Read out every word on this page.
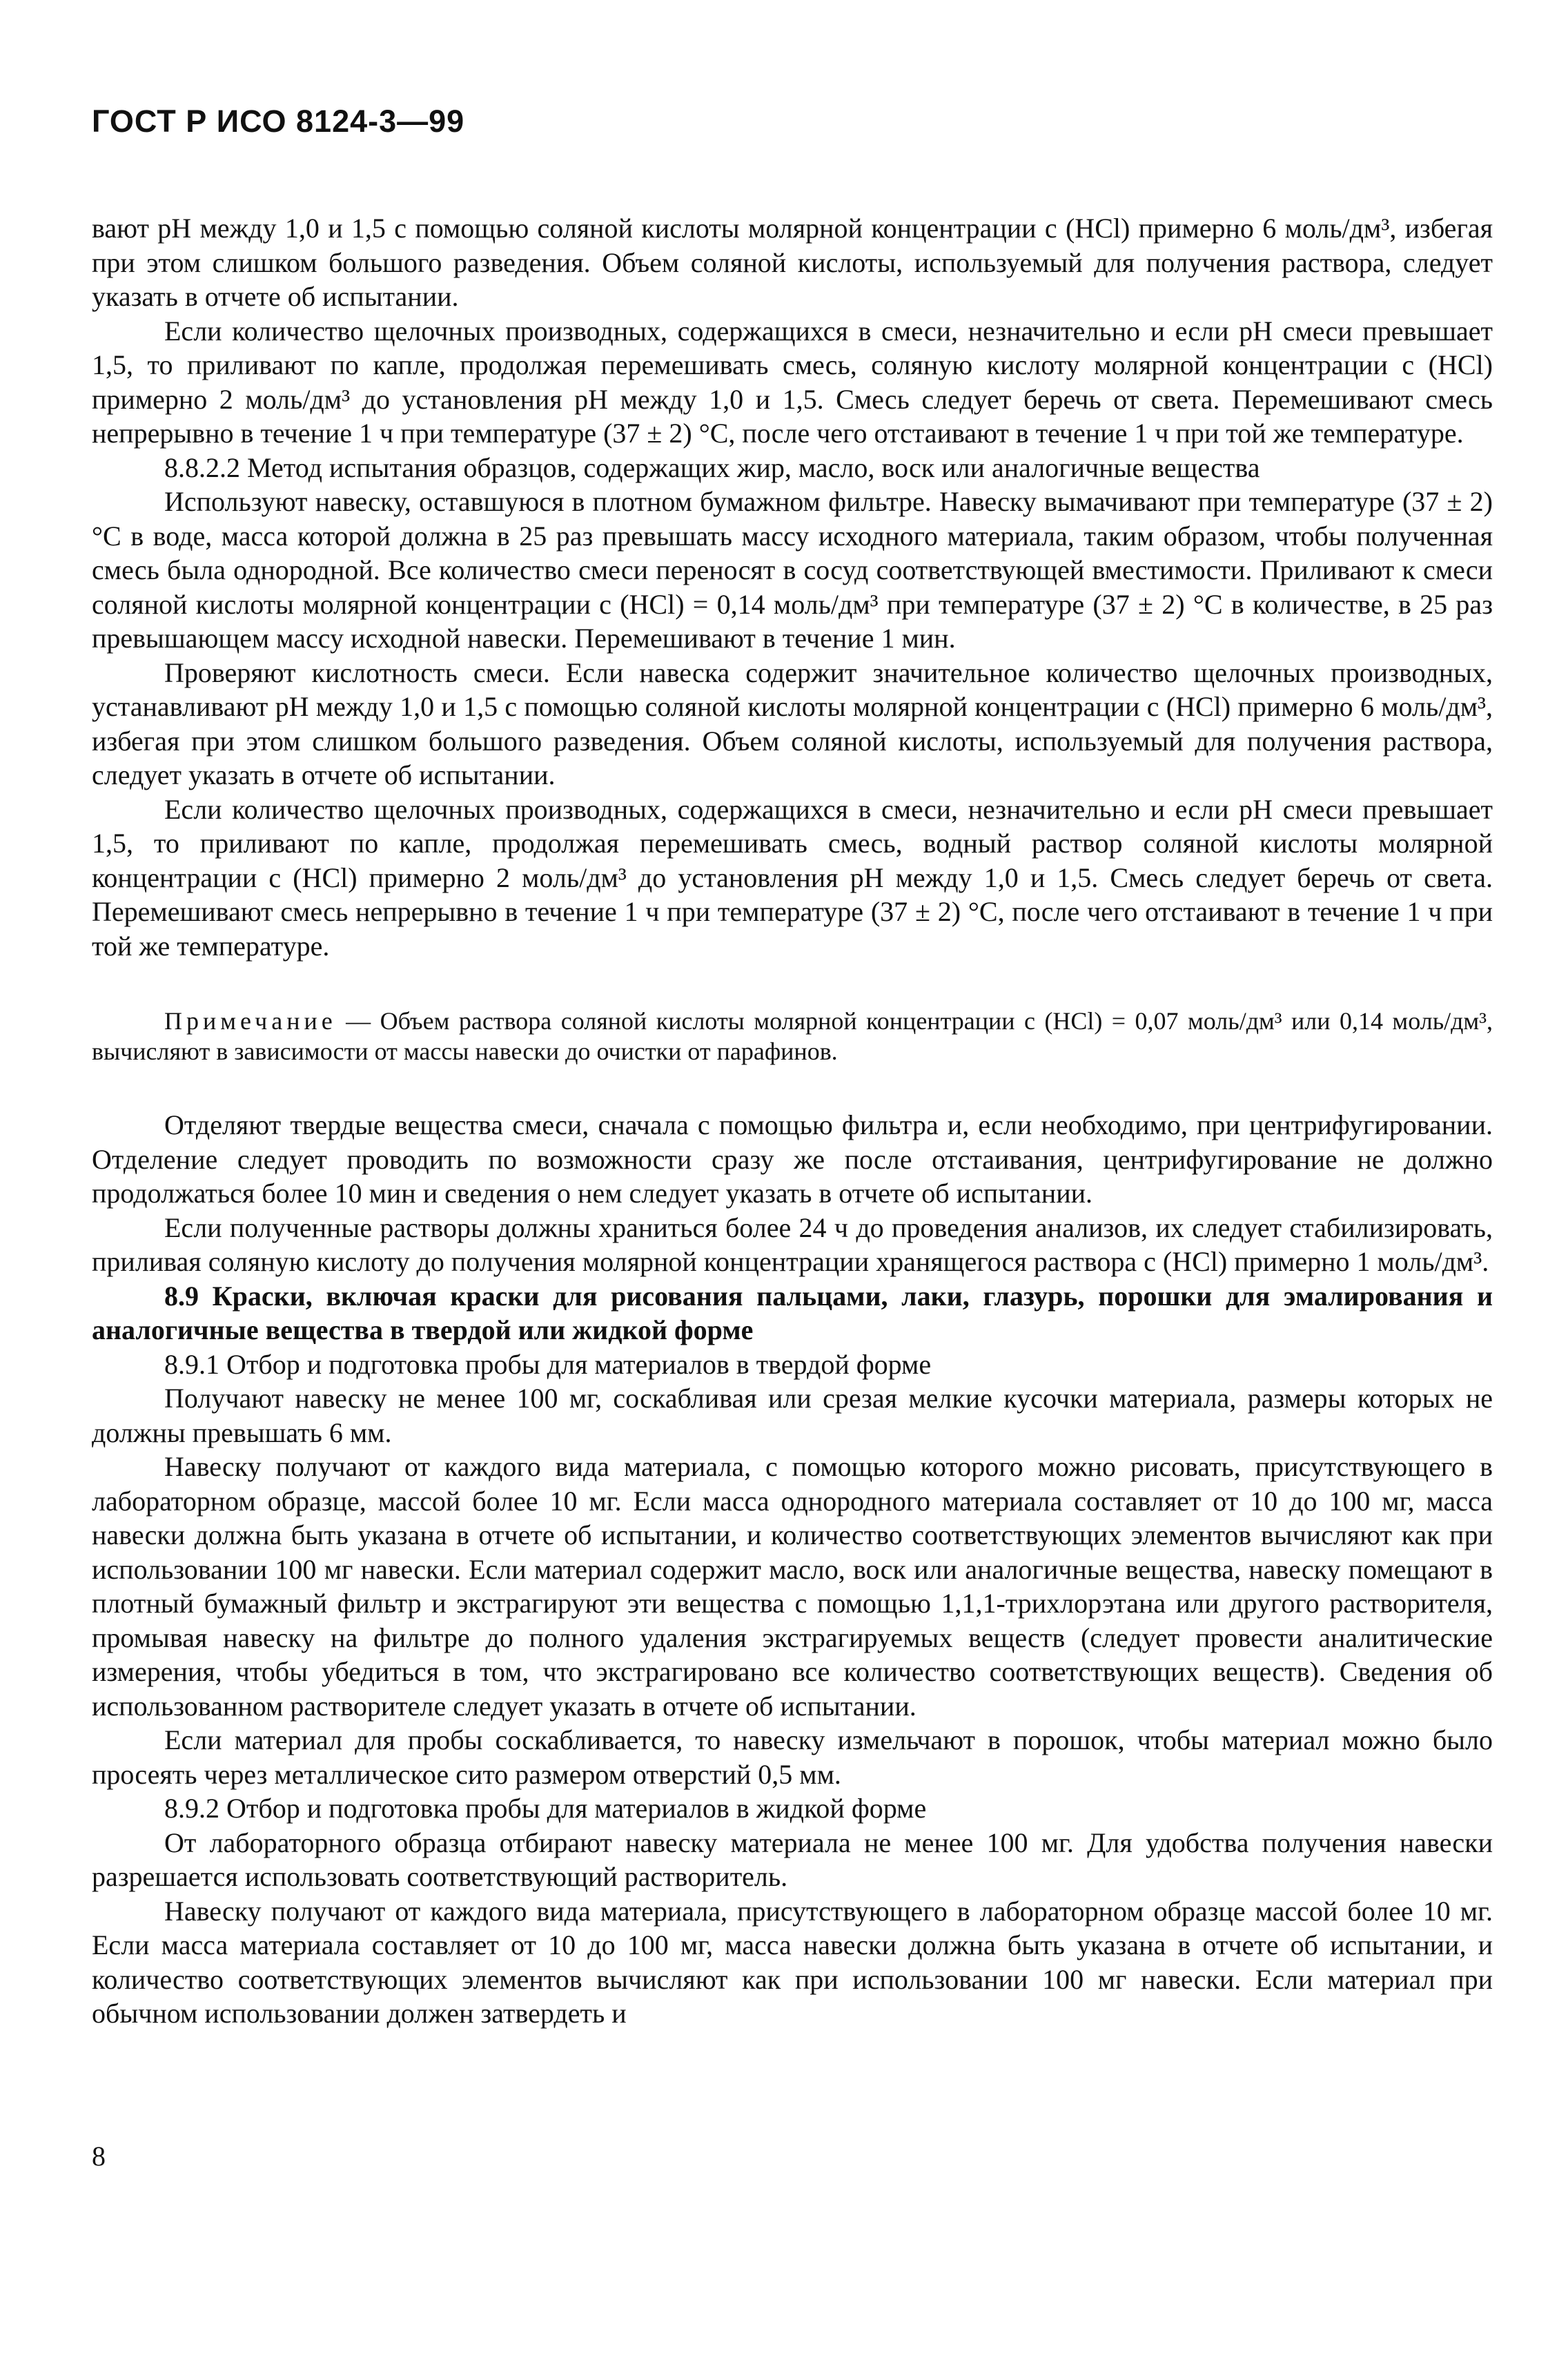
ГОСТ Р ИСО 8124-3—99

вают pH между 1,0 и 1,5 с помощью соляной кислоты молярной концентрации c (HCl) примерно 6 моль/дм³, избегая при этом слишком большого разведения. Объем соляной кислоты, используемый для получения раствора, следует указать в отчете об испытании.

Если количество щелочных производных, содержащихся в смеси, незначительно и если pH смеси превышает 1,5, то приливают по капле, продолжая перемешивать смесь, соляную кислоту молярной концентрации c (HCl) примерно 2 моль/дм³ до установления pH между 1,0 и 1,5. Смесь следует беречь от света. Перемешивают смесь непрерывно в течение 1 ч при температуре (37 ± 2) °С, после чего отстаивают в течение 1 ч при той же температуре.

8.8.2.2 Метод испытания образцов, содержащих жир, масло, воск или аналогичные вещества

Используют навеску, оставшуюся в плотном бумажном фильтре. Навеску вымачивают при температуре (37 ± 2) °С в воде, масса которой должна в 25 раз превышать массу исходного материала, таким образом, чтобы полученная смесь была однородной. Все количество смеси переносят в сосуд соответствующей вместимости. Приливают к смеси соляной кислоты молярной концентрации c (HCl) = 0,14 моль/дм³ при температуре (37 ± 2) °С в количестве, в 25 раз превышающем массу исходной навески. Перемешивают в течение 1 мин.

Проверяют кислотность смеси. Если навеска содержит значительное количество щелочных производных, устанавливают pH между 1,0 и 1,5 с помощью соляной кислоты молярной концентрации c (HCl) примерно 6 моль/дм³, избегая при этом слишком большого разведения. Объем соляной кислоты, используемый для получения раствора, следует указать в отчете об испытании.

Если количество щелочных производных, содержащихся в смеси, незначительно и если pH смеси превышает 1,5, то приливают по капле, продолжая перемешивать смесь, водный раствор соляной кислоты молярной концентрации c (HCl) примерно 2 моль/дм³ до установления pH между 1,0 и 1,5. Смесь следует беречь от света. Перемешивают смесь непрерывно в течение 1 ч при температуре (37 ± 2) °С, после чего отстаивают в течение 1 ч при той же температуре.

Примечание — Объем раствора соляной кислоты молярной концентрации c (HCl) = 0,07 моль/дм³ или 0,14 моль/дм³, вычисляют в зависимости от массы навески до очистки от парафинов.

Отделяют твердые вещества смеси, сначала с помощью фильтра и, если необходимо, при центрифугировании. Отделение следует проводить по возможности сразу же после отстаивания, центрифугирование не должно продолжаться более 10 мин и сведения о нем следует указать в отчете об испытании.

Если полученные растворы должны храниться более 24 ч до проведения анализов, их следует стабилизировать, приливая соляную кислоту до получения молярной концентрации хранящегося раствора c (HCl) примерно 1 моль/дм³.

8.9 Краски, включая краски для рисования пальцами, лаки, глазурь, порошки для эмалирования и аналогичные вещества в твердой или жидкой форме

8.9.1 Отбор и подготовка пробы для материалов в твердой форме

Получают навеску не менее 100 мг, соскабливая или срезая мелкие кусочки материала, размеры которых не должны превышать 6 мм.

Навеску получают от каждого вида материала, с помощью которого можно рисовать, присутствующего в лабораторном образце, массой более 10 мг. Если масса однородного материала составляет от 10 до 100 мг, масса навески должна быть указана в отчете об испытании, и количество соответствующих элементов вычисляют как при использовании 100 мг навески. Если материал содержит масло, воск или аналогичные вещества, навеску помещают в плотный бумажный фильтр и экстрагируют эти вещества с помощью 1,1,1-трихлорэтана или другого растворителя, промывая навеску на фильтре до полного удаления экстрагируемых веществ (следует провести аналитические измерения, чтобы убедиться в том, что экстрагировано все количество соответствующих веществ). Сведения об использованном растворителе следует указать в отчете об испытании.

Если материал для пробы соскабливается, то навеску измельчают в порошок, чтобы материал можно было просеять через металлическое сито размером отверстий 0,5 мм.

8.9.2 Отбор и подготовка пробы для материалов в жидкой форме

От лабораторного образца отбирают навеску материала не менее 100 мг. Для удобства получения навески разрешается использовать соответствующий растворитель.

Навеску получают от каждого вида материала, присутствующего в лабораторном образце массой более 10 мг. Если масса материала составляет от 10 до 100 мг, масса навески должна быть указана в отчете об испытании, и количество соответствующих элементов вычисляют как при использовании 100 мг навески. Если материал при обычном использовании должен затвердеть и

8
